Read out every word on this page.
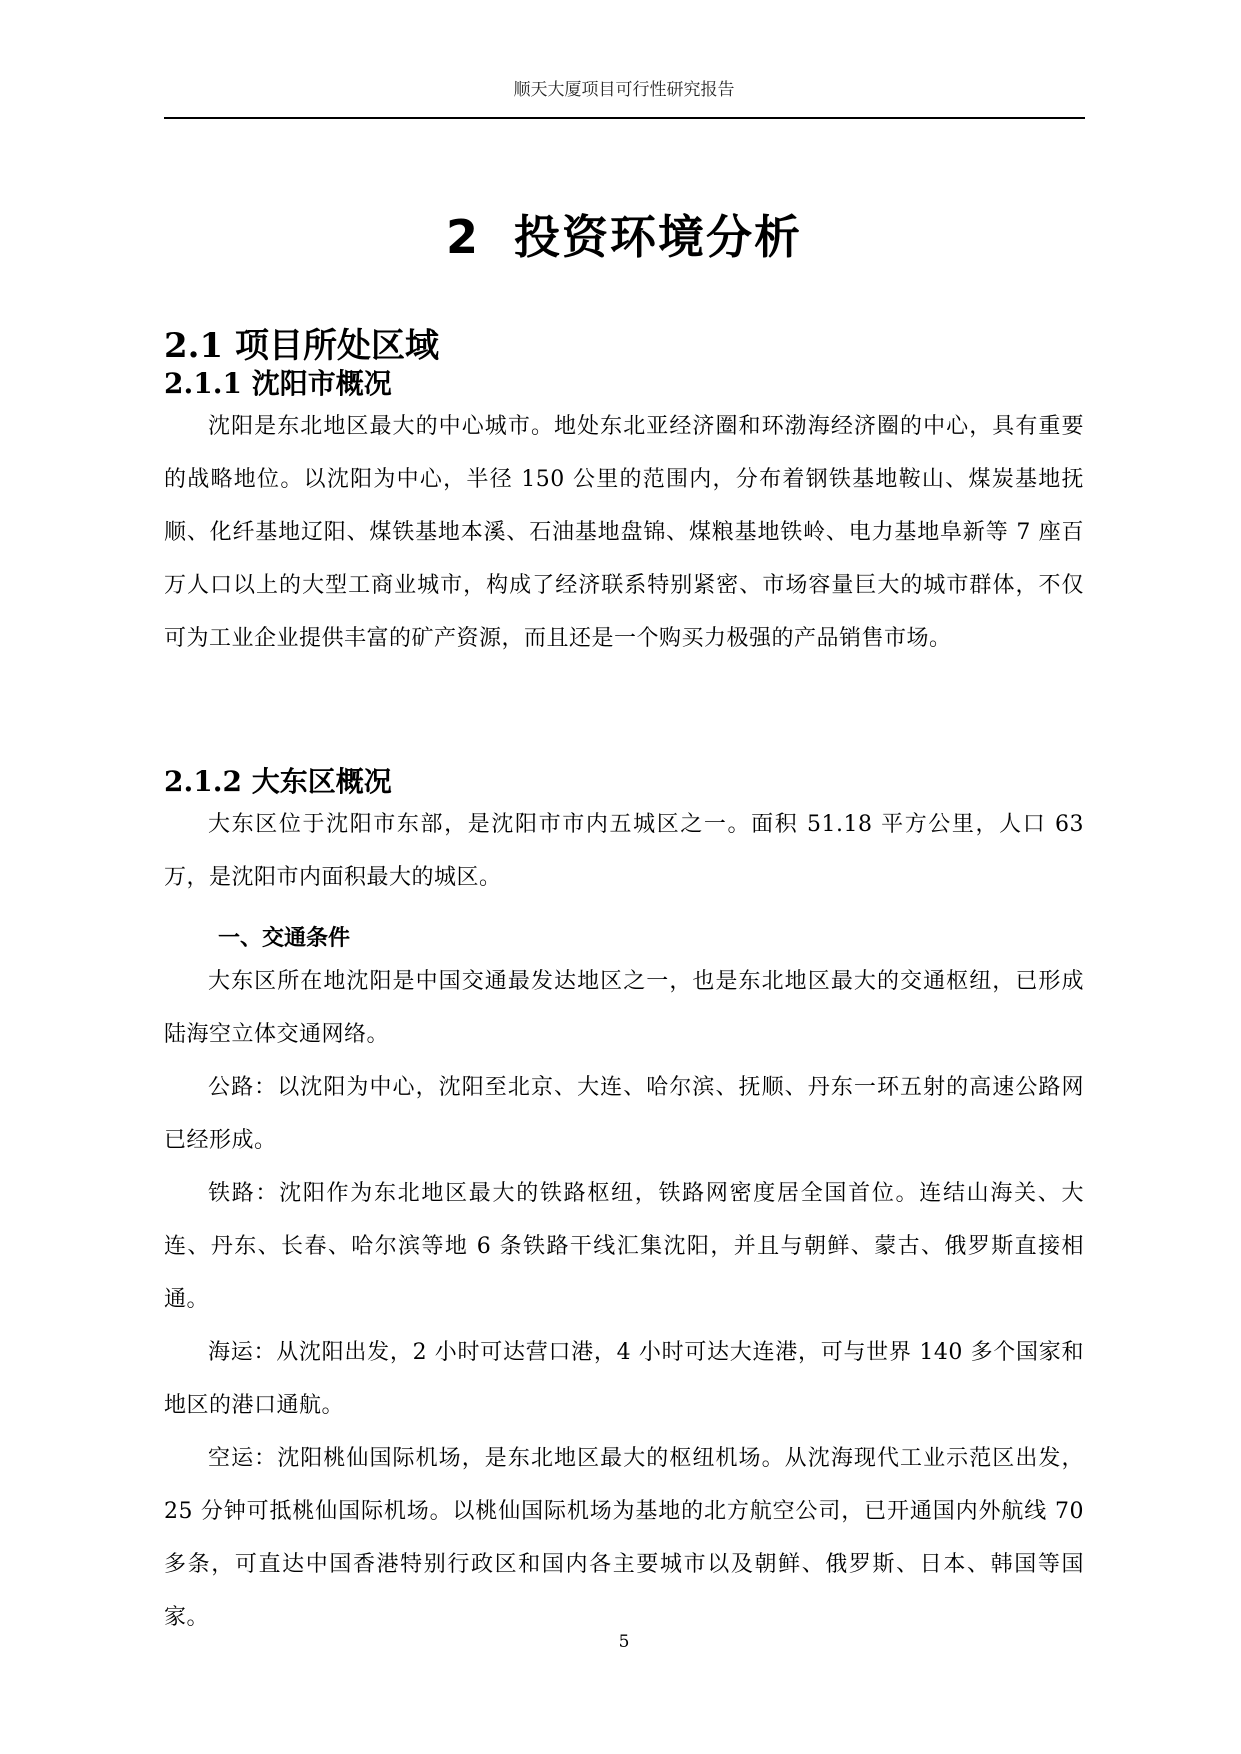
顺天大厦项目可行性研究报告
2 投资环境分析
2.1 项目所处区域
2.1.1 沈阳市概况
沈阳是东北地区最大的中心城市。地处东北亚经济圈和环渤海经济圈的中心，具有重要的战略地位。以沈阳为中心，半径 150 公里的范围内，分布着钢铁基地鞍山、煤炭基地抚顺、化纤基地辽阳、煤铁基地本溪、石油基地盘锦、煤粮基地铁岭、电力基地阜新等 7 座百万人口以上的大型工商业城市，构成了经济联系特别紧密、市场容量巨大的城市群体，不仅可为工业企业提供丰富的矿产资源，而且还是一个购买力极强的产品销售市场。
2.1.2 大东区概况
大东区位于沈阳市东部，是沈阳市市内五城区之一。面积 51.18 平方公里，人口 63 万，是沈阳市内面积最大的城区。
一、交通条件
大东区所在地沈阳是中国交通最发达地区之一，也是东北地区最大的交通枢纽，已形成陆海空立体交通网络。
公路：以沈阳为中心，沈阳至北京、大连、哈尔滨、抚顺、丹东一环五射的高速公路网已经形成。
铁路：沈阳作为东北地区最大的铁路枢纽，铁路网密度居全国首位。连结山海关、大连、丹东、长春、哈尔滨等地 6 条铁路干线汇集沈阳，并且与朝鲜、蒙古、俄罗斯直接相通。
海运：从沈阳出发，2 小时可达营口港，4 小时可达大连港，可与世界 140 多个国家和地区的港口通航。
空运：沈阳桃仙国际机场，是东北地区最大的枢纽机场。从沈海现代工业示范区出发，25 分钟可抵桃仙国际机场。以桃仙国际机场为基地的北方航空公司，已开通国内外航线 70 多条，可直达中国香港特别行政区和国内各主要城市以及朝鲜、俄罗斯、日本、韩国等国家。
5
